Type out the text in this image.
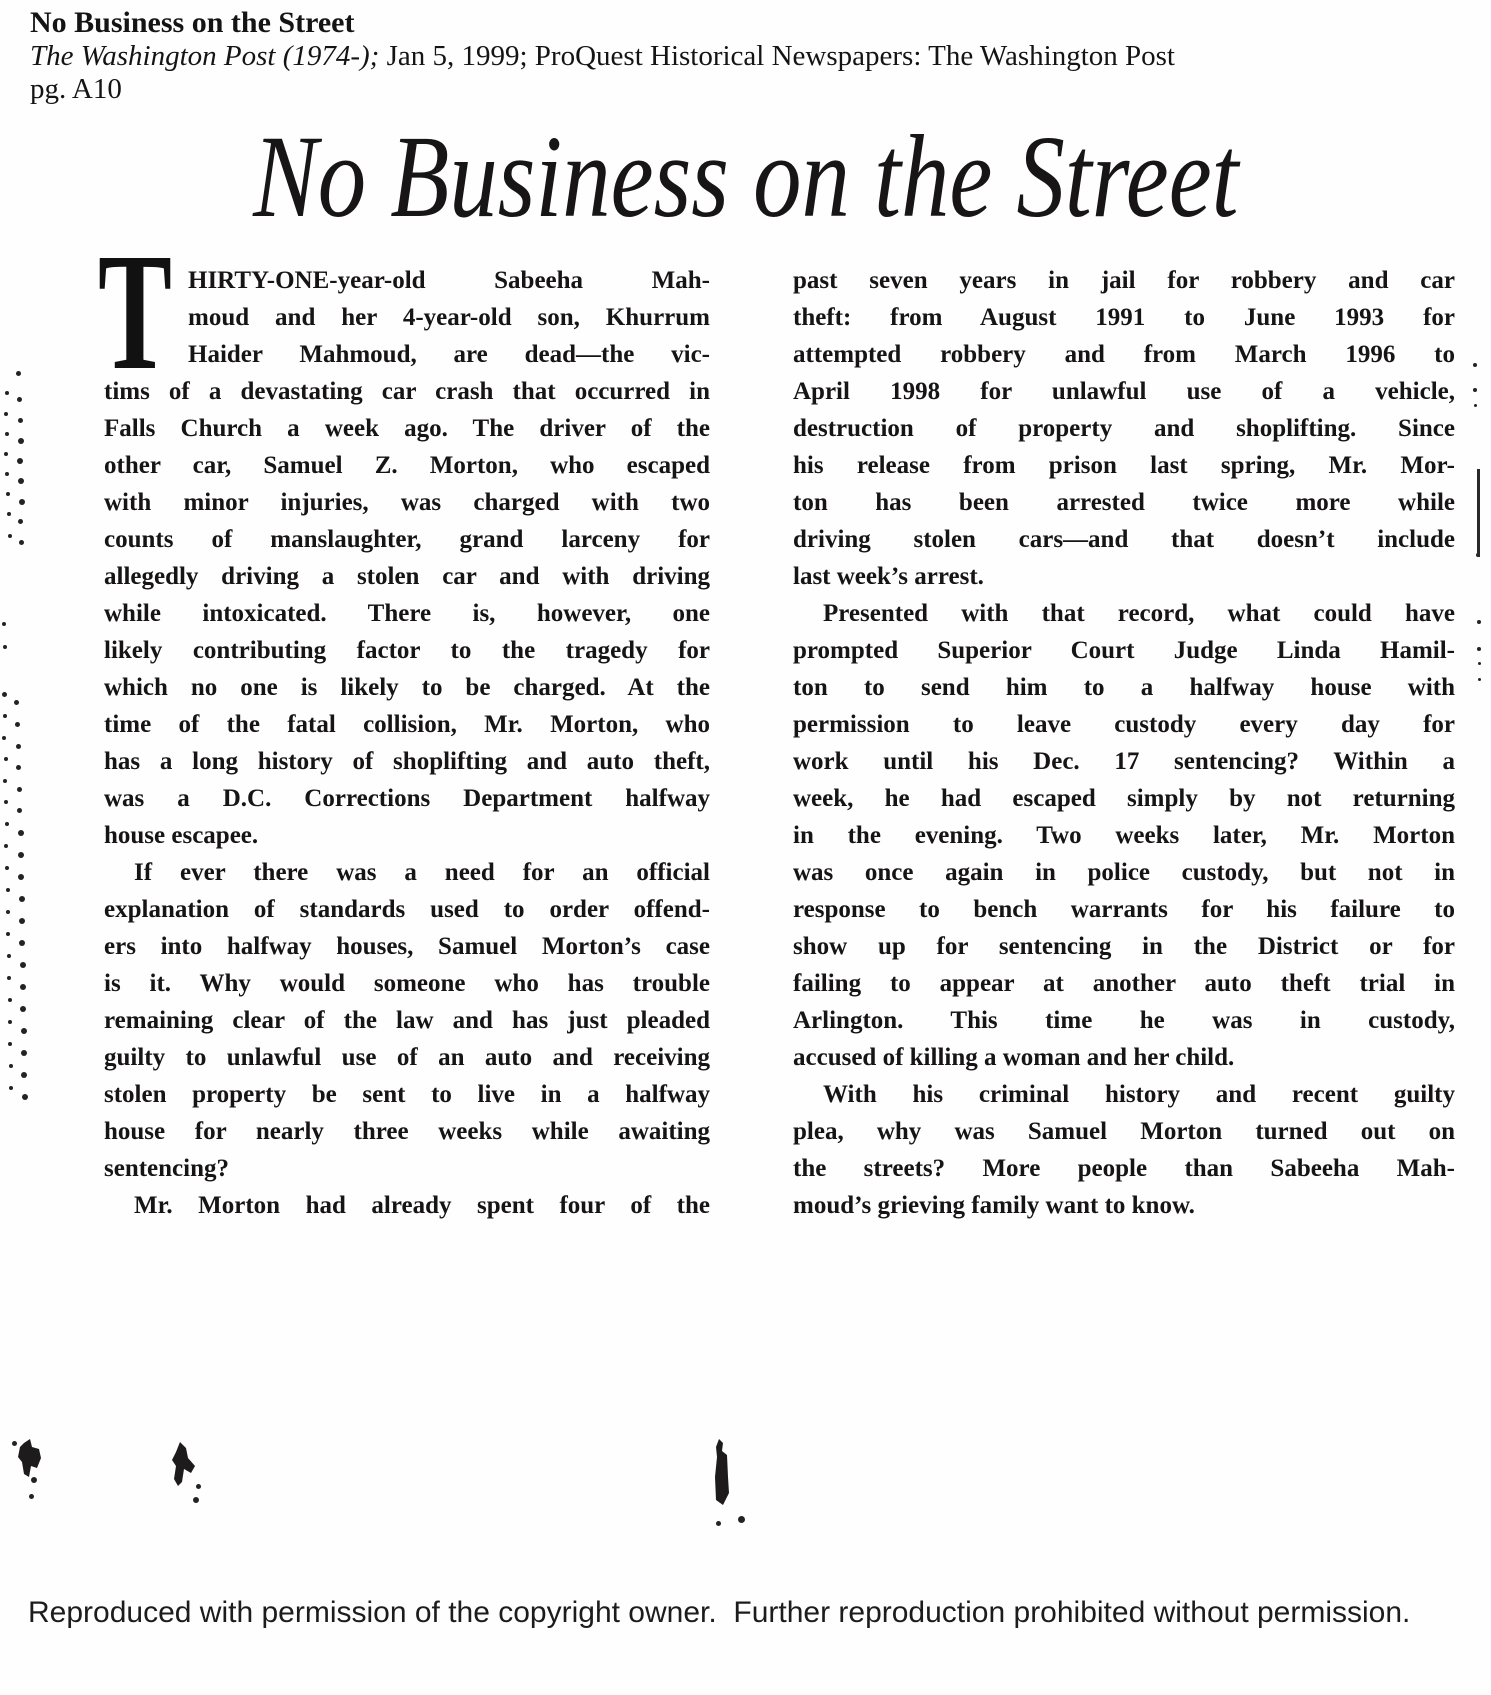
No Business on the Street
The Washington Post (1974-); Jan 5, 1999; ProQuest Historical Newspapers: The Washington Post
pg. A10
No Business on the Street
T HIRTY-ONE-year-old Sabeeha Mah-
moud and her 4-year-old son, Khurrum
Haider Mahmoud, are dead—the vic-
tims of a devastating car crash that occurred in
Falls Church a week ago. The driver of the
other car, Samuel Z. Morton, who escaped
with minor injuries, was charged with two
counts of manslaughter, grand larceny for
allegedly driving a stolen car and with driving
while intoxicated. There is, however, one
likely contributing factor to the tragedy for
which no one is likely to be charged. At the
time of the fatal collision, Mr. Morton, who
has a long history of shoplifting and auto theft,
was a D.C. Corrections Department halfway
house escapee.
If ever there was a need for an official
explanation of standards used to order offend-
ers into halfway houses, Samuel Morton’s case
is it. Why would someone who has trouble
remaining clear of the law and has just pleaded
guilty to unlawful use of an auto and receiving
stolen property be sent to live in a halfway
house for nearly three weeks while awaiting
sentencing?
Mr. Morton had already spent four of the
past seven years in jail for robbery and car
theft: from August 1991 to June 1993 for
attempted robbery and from March 1996 to
April 1998 for unlawful use of a vehicle,
destruction of property and shoplifting. Since
his release from prison last spring, Mr. Mor-
ton has been arrested twice more while
driving stolen cars—and that doesn’t include
last week’s arrest.
Presented with that record, what could have
prompted Superior Court Judge Linda Hamil-
ton to send him to a halfway house with
permission to leave custody every day for
work until his Dec. 17 sentencing? Within a
week, he had escaped simply by not returning
in the evening. Two weeks later, Mr. Morton
was once again in police custody, but not in
response to bench warrants for his failure to
show up for sentencing in the District or for
failing to appear at another auto theft trial in
Arlington. This time he was in custody,
accused of killing a woman and her child.
With his criminal history and recent guilty
plea, why was Samuel Morton turned out on
the streets? More people than Sabeeha Mah-
moud’s grieving family want to know.
Reproduced with permission of the copyright owner.  Further reproduction prohibited without permission.
